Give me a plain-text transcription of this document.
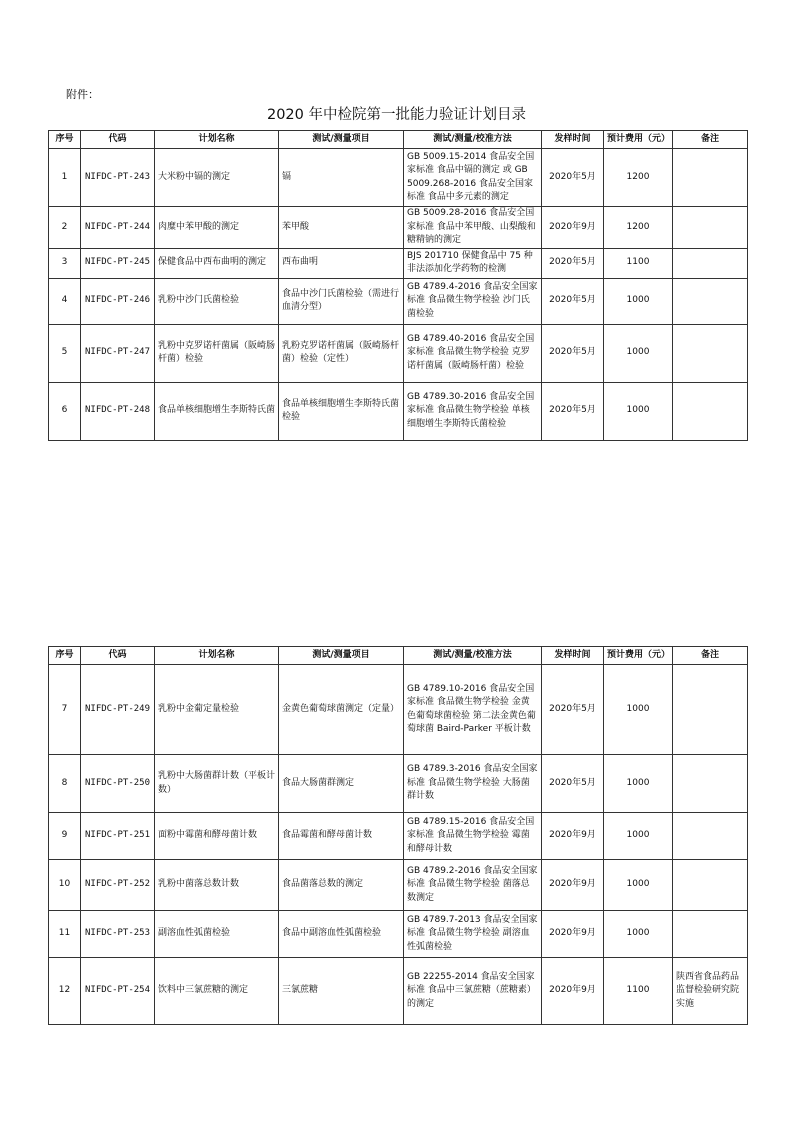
附件：
2020 年中检院第一批能力验证计划目录
序号	代码	计划名称	测试/测量项目	测试/测量/校准方法	发样时间	预计费用（元）	备注
1	NIFDC-PT-243	大米粉中镉的测定	镉	GB 5009.15-2014 食品安全国家标准 食品中镉的测定 或 GB 5009.268-2016 食品安全国家标准 食品中多元素的测定	2020年5月	1200	
2	NIFDC-PT-244	肉糜中苯甲酸的测定	苯甲酸	GB 5009.28-2016 食品安全国家标准 食品中苯甲酸、山梨酸和糖精钠的测定	2020年9月	1200	
3	NIFDC-PT-245	保健食品中西布曲明的测定	西布曲明	BJS 201710 保健食品中 75 种非法添加化学药物的检测	2020年5月	1100	
4	NIFDC-PT-246	乳粉中沙门氏菌检验	食品中沙门氏菌检验（需进行血清分型）	GB 4789.4-2016 食品安全国家标准 食品微生物学检验 沙门氏菌检验	2020年5月	1000	
5	NIFDC-PT-247	乳粉中克罗诺杆菌属（阪崎肠杆菌）检验	乳粉克罗诺杆菌属（阪崎肠杆菌）检验（定性）	GB 4789.40-2016 食品安全国家标准 食品微生物学检验 克罗诺杆菌属（阪崎肠杆菌）检验	2020年5月	1000	
6	NIFDC-PT-248	食品单核细胞增生李斯特氏菌	食品单核细胞增生李斯特氏菌检验	GB 4789.30-2016 食品安全国家标准 食品微生物学检验 单核细胞增生李斯特氏菌检验	2020年5月	1000	
序号	代码	计划名称	测试/测量项目	测试/测量/校准方法	发样时间	预计费用（元）	备注
7	NIFDC-PT-249	乳粉中金葡定量检验	金黄色葡萄球菌测定（定量）	GB 4789.10-2016 食品安全国家标准 食品微生物学检验 金黄色葡萄球菌检验 第二法金黄色葡萄球菌 Baird-Parker 平板计数	2020年5月	1000	
8	NIFDC-PT-250	乳粉中大肠菌群计数（平板计数）	食品大肠菌群测定	GB 4789.3-2016 食品安全国家标准 食品微生物学检验 大肠菌群计数	2020年5月	1000	
9	NIFDC-PT-251	面粉中霉菌和酵母菌计数	食品霉菌和酵母菌计数	GB 4789.15-2016 食品安全国家标准 食品微生物学检验 霉菌和酵母计数	2020年9月	1000	
10	NIFDC-PT-252	乳粉中菌落总数计数	食品菌落总数的测定	GB 4789.2-2016 食品安全国家标准 食品微生物学检验 菌落总数测定	2020年9月	1000	
11	NIFDC-PT-253	副溶血性弧菌检验	食品中副溶血性弧菌检验	GB 4789.7-2013 食品安全国家标准 食品微生物学检验 副溶血性弧菌检验	2020年9月	1000	
12	NIFDC-PT-254	饮料中三氯蔗糖的测定	三氯蔗糖	GB 22255-2014 食品安全国家标准 食品中三氯蔗糖（蔗糖素）的测定	2020年9月	1100	陕西省食品药品监督检验研究院实施
